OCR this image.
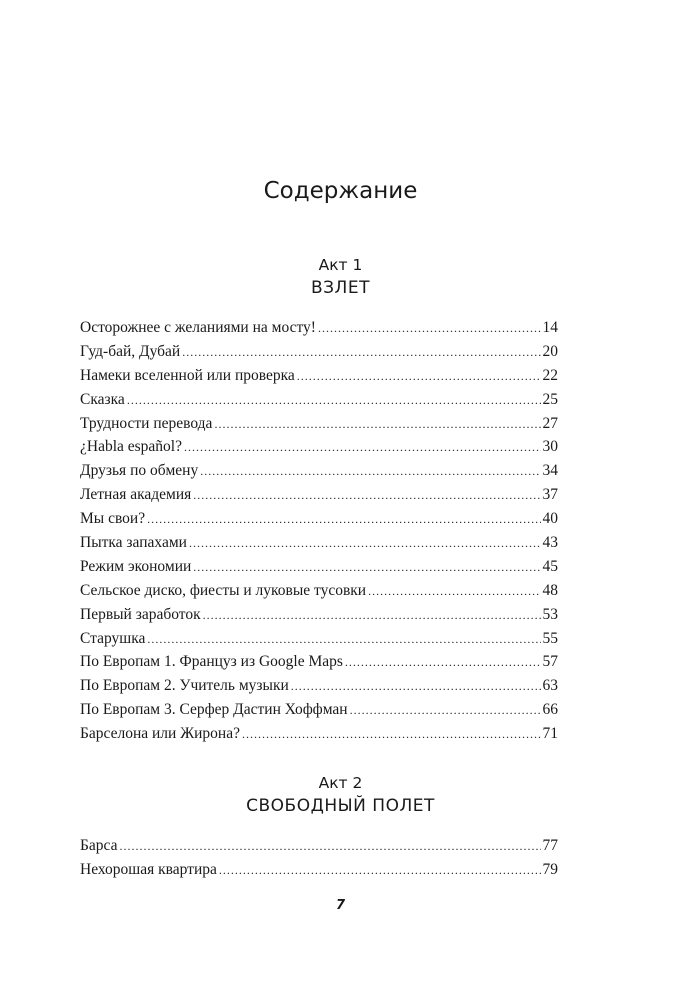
Содержание
Акт 1
ВЗЛЕТ
Осторожнее с желаниями на мосту! .....	14
Гуд-бай, Дубай .....	20
Намеки вселенной или проверка .....	22
Сказка .....	25
Трудности перевода .....	27
¿Habla español? .....	30
Друзья по обмену .....	34
Летная академия .....	37
Мы свои? .....	40
Пытка запахами .....	43
Режим экономии .....	45
Сельское диско, фиесты и луковые тусовки .....	48
Первый заработок .....	53
Старушка .....	55
По Европам 1. Француз из Google Maps .....	57
По Европам 2. Учитель музыки .....	63
По Европам 3. Серфер Дастин Хоффман .....	66
Барселона или Жирона? .....	71
Акт 2
СВОБОДНЫЙ ПОЛЕТ
Барса .....	77
Нехорошая квартира .....	79
7
